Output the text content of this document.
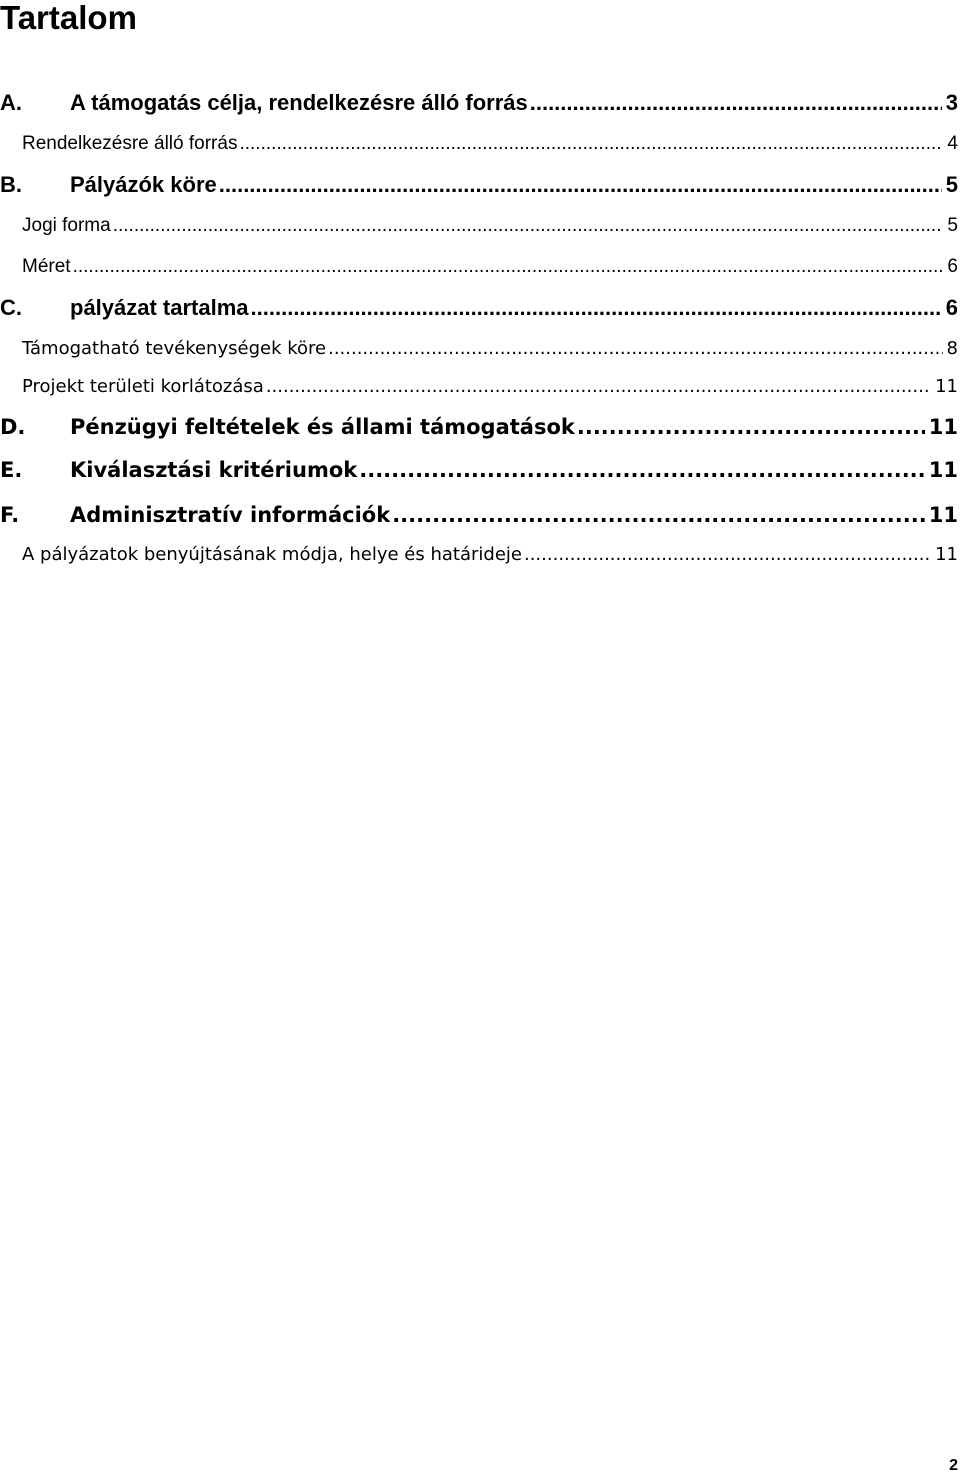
Tartalom
A.	A támogatás célja, rendelkezésre álló forrás .....	3
Rendelkezésre álló forrás .....	4
B.	Pályázók köre .....	5
Jogi forma .....	5
Méret .....	6
C.	pályázat tartalma .....	6
Támogatható tevékenységek köre .....	8
Projekt területi korlátozása .....	11
D.	Pénzügyi feltételek és állami támogatások .....	11
E.	Kiválasztási kritériumok .....	11
F.	Adminisztratív információk .....	11
A pályázatok benyújtásának módja, helye és határideje .....	11
2
